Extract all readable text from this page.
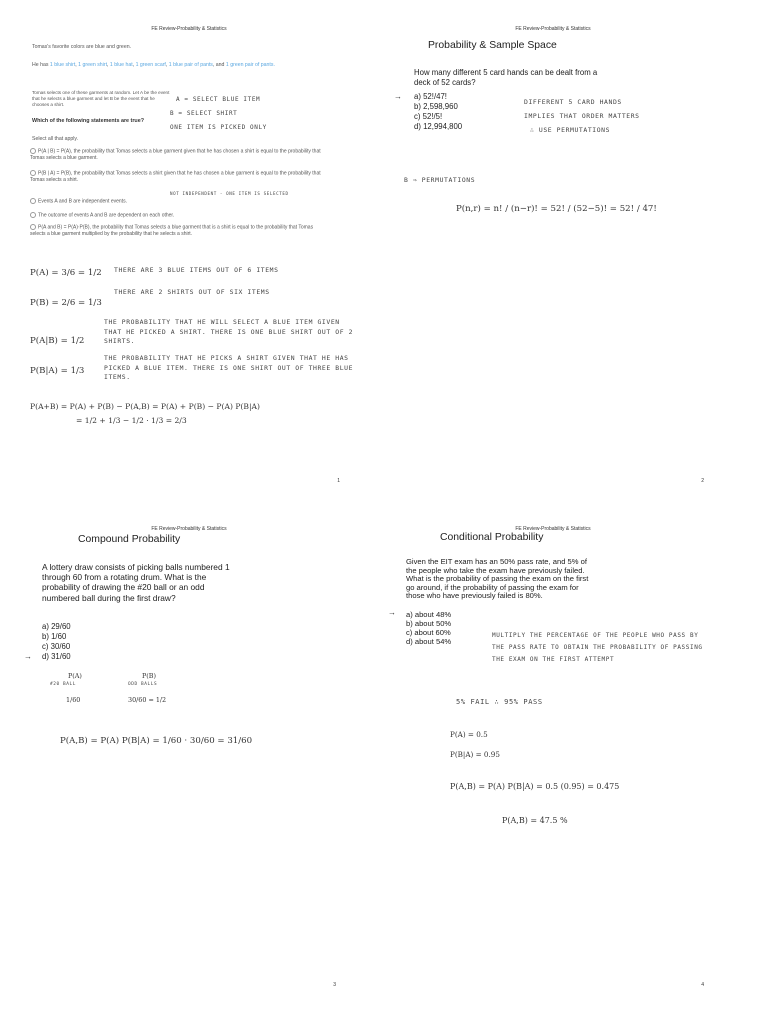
FE Review-Probability & Statistics
Tomas's favorite colors are blue and green.
He has 1 blue shirt, 1 green shirt, 1 blue hat, 1 green scarf, 1 blue pair of pants, and 1 green pair of pants.
Tomas selects one of these garments at random. Let A be the event that he selects a blue garment and let B be the event that he chooses a shirt.
A = SELECT BLUE ITEM
B = SELECT SHIRT
ONE ITEM IS PICKED ONLY
Which of the following statements are true?
Select all that apply.
P(A | B) = P(A), the probability that Tomas selects a blue garment given that he has chosen a shirt is equal to the probability that Tomas selects a blue garment.
P(B | A) = P(B), the probability that Tomas selects a shirt given that he has chosen a blue garment is equal to the probability that Tomas selects a shirt.
NOT INDEPENDENT - ONE ITEM IS SELECTED
Events A and B are independent events.
The outcome of events A and B are dependent on each other.
P(A and B) = P(A)·P(B), the probability that Tomas selects a blue garment that is a shirt is equal to the probability that Tomas selects a blue garment multiplied by the probability that he selects a shirt.
P(A) = 3/6 = 1/2 THERE ARE 3 BLUE ITEMS OUT OF 6 ITEMS
P(B) = 2/6 = 1/3
THERE ARE 2 SHIRTS OUT OF SIX ITEMS
P(A|B) = 1/2
THE PROBABILITY THAT HE WILL SELECT A BLUE ITEM GIVEN THAT HE PICKED A SHIRT. THERE IS ONE BLUE SHIRT OUT OF 2 SHIRTS.
P(B|A) = 1/3
THE PROBABILITY THAT HE PICKS A SHIRT GIVEN THAT HE HAS PICKED A BLUE ITEM. THERE IS ONE SHIRT OUT OF THREE BLUE ITEMS.
P(A+B) = P(A) + P(B) − P(A,B) = P(A) + P(B) − P(A) P(B|A)
= 1/2 + 1/3 − 1/2 · 1/3 = 2/3
1
FE Review-Probability & Statistics
Probability & Sample Space
How many different 5 card hands can be dealt from a deck of 52 cards?
→ a) 52!/47!
b) 2,598,960
c) 52!/5!
d) 12,994,800
DIFFERENT 5 CARD HANDS
IMPLIES THAT ORDER MATTERS
∴ USE PERMUTATIONS
B ⇒ PERMUTATIONS
P(n,r) = n! / (n−r)! = 52! / (52−5)! = 52! / 47!
2
FE Review-Probability & Statistics
Compound Probability
A lottery draw consists of picking balls numbered 1 through 60 from a rotating drum. What is the probability of drawing the #20 ball or an odd numbered ball during the first draw?
a) 29/60
b) 1/60
c) 30/60
d) 31/60
→
P(A)
#20 BALL
1/60
P(B)
ODD BALLS
30/60 = 1/2
P(A,B) = P(A) P(B|A) = 1/60 · 30/60 = 31/60
3
FE Review-Probability & Statistics
Conditional Probability
Given the EIT exam has an 50% pass rate, and 5% of the people who take the exam have previously failed. What is the probability of passing the exam on the first go around, if the probability of passing the exam for those who have previously failed is 80%.
a) about 48%
b) about 50%
c) about 60%
d) about 54%
→
MULTIPLY THE PERCENTAGE OF THE PEOPLE WHO PASS BY THE PASS RATE TO OBTAIN THE PROBABILITY OF PASSING THE EXAM ON THE FIRST ATTEMPT
5% FAIL ∴ 95% PASS
P(A) = 0.5
P(B|A) = 0.95
P(A,B) = P(A) P(B|A) = 0.5 (0.95) = 0.475
P(A,B) = 47.5 %
4
